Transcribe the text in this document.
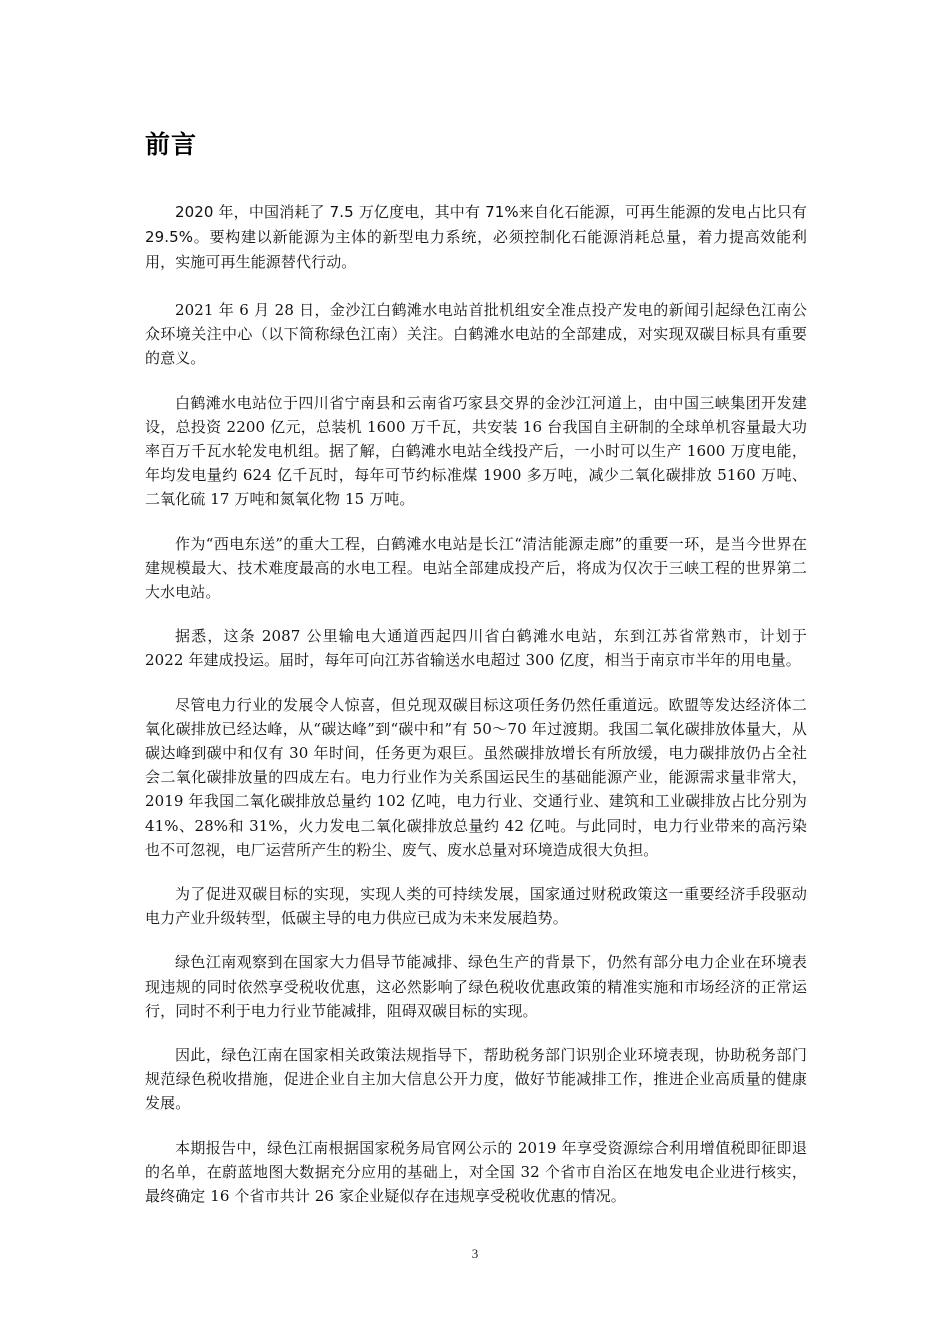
前言

2020 年，中国消耗了 7.5 万亿度电，其中有 71%来自化石能源，可再生能源的发电占比只有 29.5%。要构建以新能源为主体的新型电力系统，必须控制化石能源消耗总量，着力提高效能利用，实施可再生能源替代行动。

2021 年 6 月 28 日，金沙江白鹤滩水电站首批机组安全准点投产发电的新闻引起绿色江南公众环境关注中心（以下简称绿色江南）关注。白鹤滩水电站的全部建成，对实现双碳目标具有重要的意义。

白鹤滩水电站位于四川省宁南县和云南省巧家县交界的金沙江河道上，由中国三峡集团开发建设，总投资 2200 亿元，总装机 1600 万千瓦，共安装 16 台我国自主研制的全球单机容量最大功率百万千瓦水轮发电机组。据了解，白鹤滩水电站全线投产后，一小时可以生产 1600 万度电能，年均发电量约 624 亿千瓦时，每年可节约标准煤 1900 多万吨，减少二氧化碳排放 5160 万吨、二氧化硫 17 万吨和氮氧化物 15 万吨。

作为“西电东送”的重大工程，白鹤滩水电站是长江“清洁能源走廊”的重要一环，是当今世界在建规模最大、技术难度最高的水电工程。电站全部建成投产后，将成为仅次于三峡工程的世界第二大水电站。

据悉，这条 2087 公里输电大通道西起四川省白鹤滩水电站，东到江苏省常熟市，计划于 2022 年建成投运。届时，每年可向江苏省输送水电超过 300 亿度，相当于南京市半年的用电量。

尽管电力行业的发展令人惊喜，但兑现双碳目标这项任务仍然任重道远。欧盟等发达经济体二氧化碳排放已经达峰，从“碳达峰”到“碳中和”有 50～70 年过渡期。我国二氧化碳排放体量大，从碳达峰到碳中和仅有 30 年时间，任务更为艰巨。虽然碳排放增长有所放缓，电力碳排放仍占全社会二氧化碳排放量的四成左右。电力行业作为关系国运民生的基础能源产业，能源需求量非常大，2019 年我国二氧化碳排放总量约 102 亿吨，电力行业、交通行业、建筑和工业碳排放占比分别为 41%、28%和 31%，火力发电二氧化碳排放总量约 42 亿吨。与此同时，电力行业带来的高污染也不可忽视，电厂运营所产生的粉尘、废气、废水总量对环境造成很大负担。

为了促进双碳目标的实现，实现人类的可持续发展，国家通过财税政策这一重要经济手段驱动电力产业升级转型，低碳主导的电力供应已成为未来发展趋势。

绿色江南观察到在国家大力倡导节能减排、绿色生产的背景下，仍然有部分电力企业在环境表现违规的同时依然享受税收优惠，这必然影响了绿色税收优惠政策的精准实施和市场经济的正常运行，同时不利于电力行业节能减排，阻碍双碳目标的实现。

因此，绿色江南在国家相关政策法规指导下，帮助税务部门识别企业环境表现，协助税务部门规范绿色税收措施，促进企业自主加大信息公开力度，做好节能减排工作，推进企业高质量的健康发展。

本期报告中，绿色江南根据国家税务局官网公示的 2019 年享受资源综合利用增值税即征即退的名单，在蔚蓝地图大数据充分应用的基础上，对全国 32 个省市自治区在地发电企业进行核实，最终确定 16 个省市共计 26 家企业疑似存在违规享受税收优惠的情况。

3
